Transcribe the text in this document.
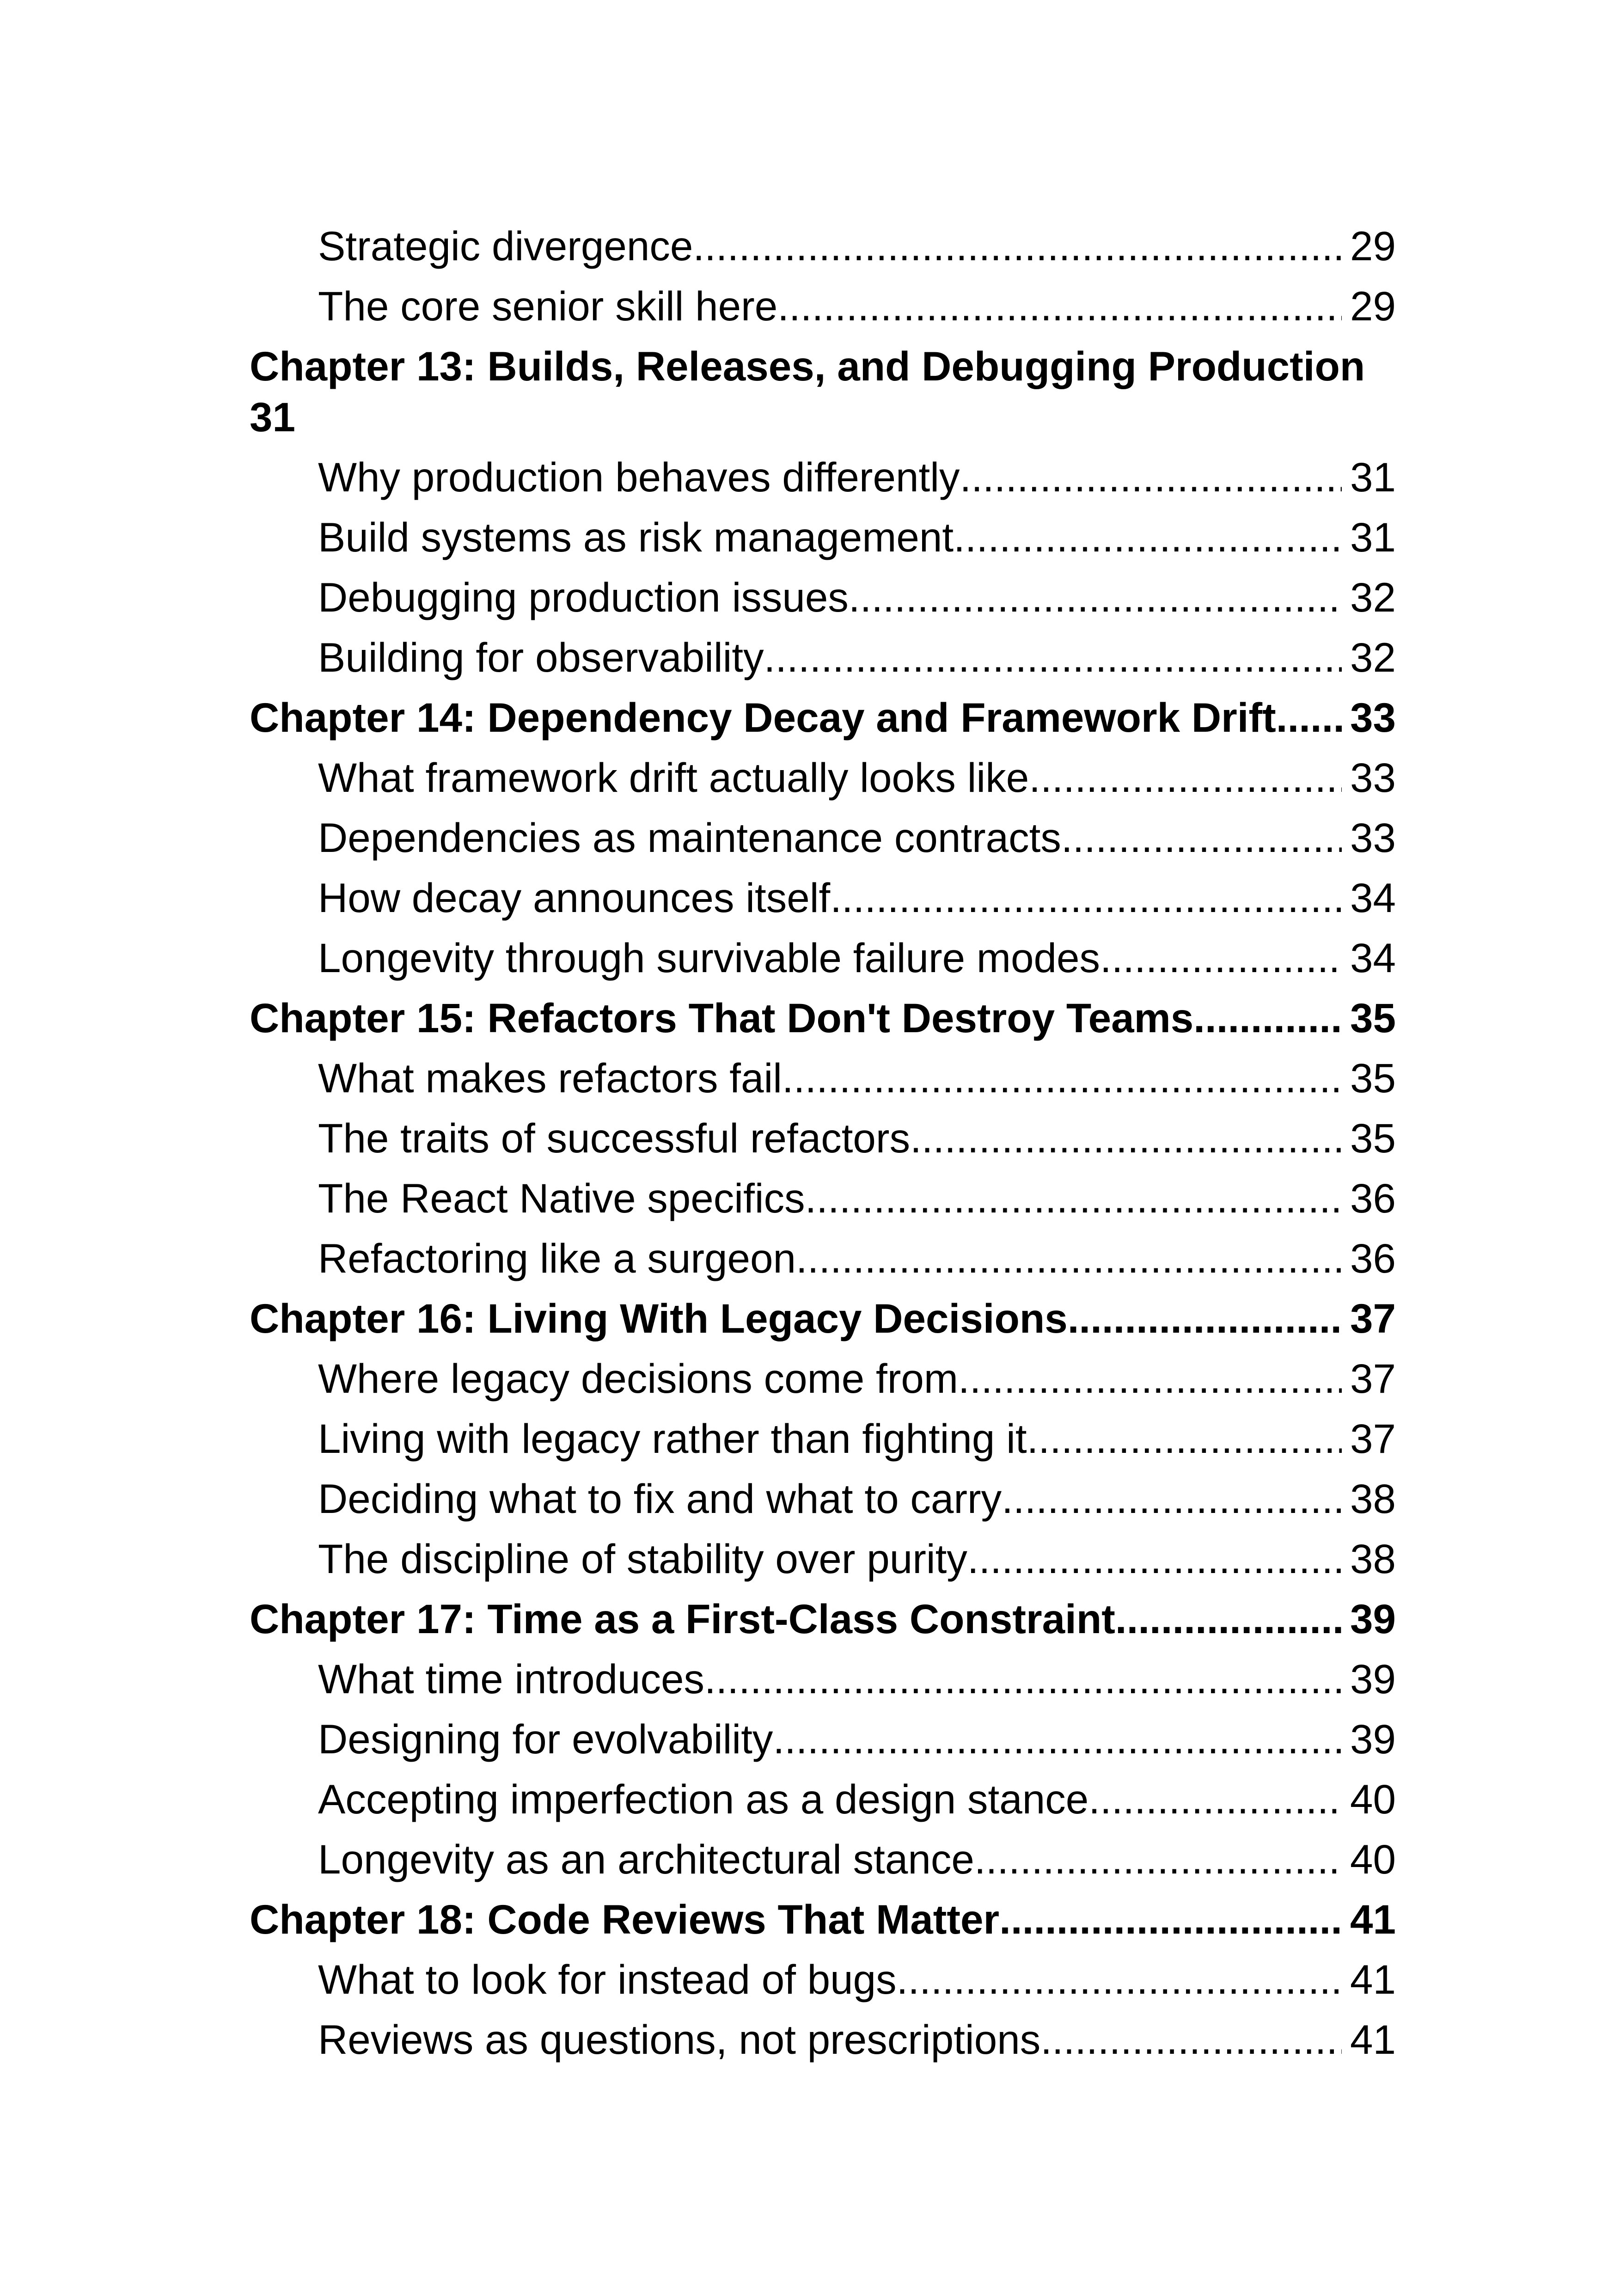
Strategic divergence .....	29
The core senior skill here .....	29
Chapter 13: Builds, Releases, and Debugging Production
31
Why production behaves differently .....	31
Build systems as risk management .....	31
Debugging production issues .....	32
Building for observability .....	32
Chapter 14: Dependency Decay and Framework Drift ..... 33
What framework drift actually looks like .....	33
Dependencies as maintenance contracts .....	33
How decay announces itself .....	34
Longevity through survivable failure modes .....	34
Chapter 15: Refactors That Don't Destroy Teams .....	35
What makes refactors fail .....	35
The traits of successful refactors .....	35
The React Native specifics .....	36
Refactoring like a surgeon .....	36
Chapter 16: Living With Legacy Decisions .....	37
Where legacy decisions come from .....	37
Living with legacy rather than fighting it .....	37
Deciding what to fix and what to carry .....	38
The discipline of stability over purity .....	38
Chapter 17: Time as a First-Class Constraint .....	39
What time introduces .....	39
Designing for evolvability .....	39
Accepting imperfection as a design stance .....	40
Longevity as an architectural stance .....	40
Chapter 18: Code Reviews That Matter .....	41
What to look for instead of bugs .....	41
Reviews as questions, not prescriptions .....	41
